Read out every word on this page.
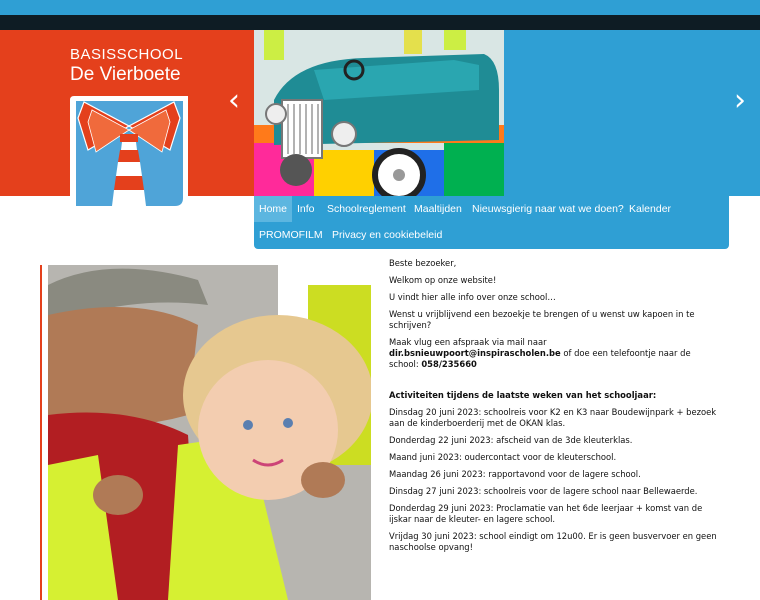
BASISSCHOOL
De Vierboete
‹	›
Home Info	Schoolreglement Maaltijden Nieuwsgierig naar wat we doen? Kalender
PROMOFILM Privacy en cookiebeleid

Beste bezoeker,

Welkom op onze website!

U vindt hier alle info over onze school…

Wenst u vrijblijvend een bezoekje te brengen of u wenst uw kapoen in te schrijven?

Maak vlug een afspraak via mail naar dir.bsnieuwpoort@inspirascholen.be of doe een telefoontje naar de school: 058/235660

Activiteiten tijdens de laatste weken van het schooljaar:

Dinsdag 20 juni 2023: schoolreis voor K2 en K3 naar Boudewijnpark + bezoek aan de kinderboerderij met de OKAN klas.

Donderdag 22 juni 2023: afscheid van de 3de kleuterklas.

Maand juni 2023: oudercontact voor de kleuterschool.

Maandag 26 juni 2023: rapportavond voor de lagere school.

Dinsdag 27 juni 2023: schoolreis voor de lagere school naar Bellewaerde.

Donderdag 29 juni 2023: Proclamatie van het 6de leerjaar + komst van de ijskar naar de kleuter- en lagere school.

Vrijdag 30 juni 2023: school eindigt om 12u00. Er is geen busvervoer en geen naschoolse opvang!
